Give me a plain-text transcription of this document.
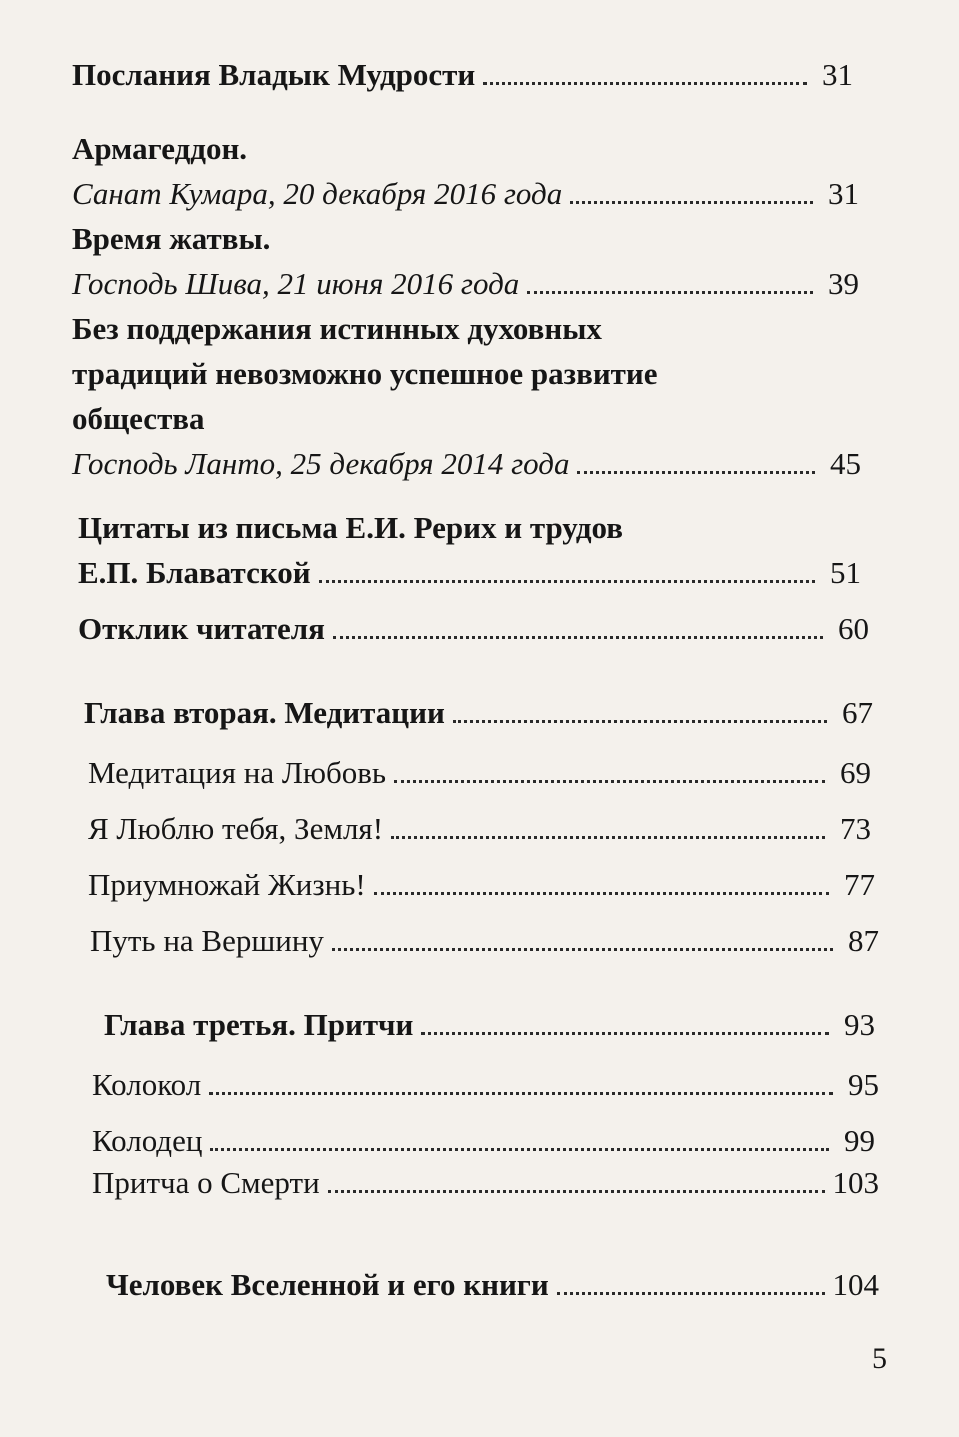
Послания Владык Мудрости	31
Армагеддон.
Санат Кумара, 20 декабря 2016 года	31
Время жатвы.
Господь Шива, 21 июня 2016 года	39
Без поддержания истинных духовных
традиций невозможно успешное развитие
общества
Господь Ланто, 25 декабря 2014 года	45
Цитаты из письма Е.И. Рерих и трудов
Е.П. Блаватской	51
Отклик читателя	60
Глава вторая. Медитации	67
Медитация на Любовь	69
Я Люблю тебя, Земля!	73
Приумножай Жизнь!	77
Путь на Вершину	87
Глава третья. Притчи	93
Колокол	95
Колодец	99
Притча о Смерти	103
Человек Вселенной и его книги	104
5
